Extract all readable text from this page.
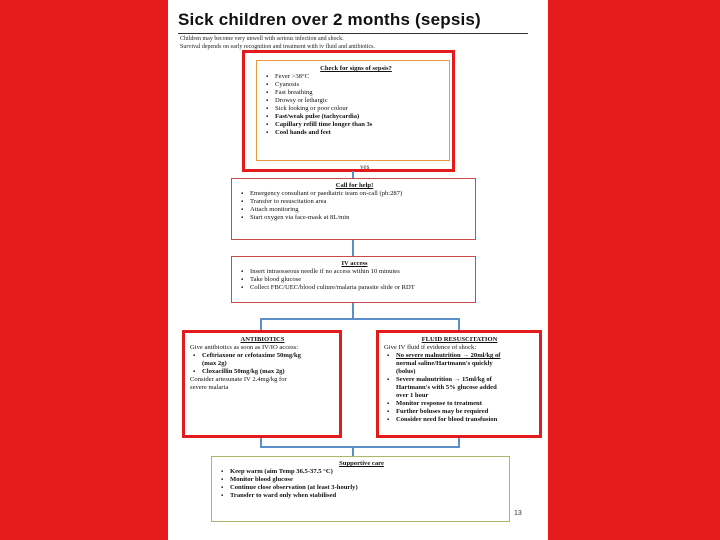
Sick children over 2 months (sepsis)
Children may become very unwell with serious infection and shock.
Survival depends on early recognition and treatment with iv fluid and antibiotics.
Check for signs of sepsis?
▪ Fever >38°C
▪ Cyanosis
▪ Fast breathing
▪ Drowsy or lethargic
▪ Sick looking or poor colour
▪ Fast/weak pulse (tachycardia)
▪ Capillary refill time longer than 3s
▪ Cool hands and feet
yes
Call for help!
▪ Emergency consultant or paediatric team on-call (ph:287)
▪ Transfer to resuscitation area
▪ Attach monitoring
▪ Start oxygen via face-mask at 8L/min
IV access
▪ Insert intraosseous needle if no access within 10 minutes
▪ Take blood glucose
▪ Collect FBC/UEC/blood culture/malaria parasite slide or RDT
ANTIBIOTICS
Give antibiotics as soon as IV/IO access:
▪ Ceftriaxone or cefotaxime 50mg/kg
(max 2g)
▪ Cloxacillin 50mg/kg (max 2g)
Consider artesunate IV 2.4mg/kg for
severe malaria
FLUID RESUSCITATION
Give IV fluid if evidence of shock:
▪ No severe malnutrition → 20ml/kg of
normal saline/Hartmann's quickly
(bolus)
▪ Severe malnutrition → 15ml/kg of
Hartmann's with 5% glucose added
over 1 hour
▪ Monitor response to treatment
▪ Further boluses may be required
▪ Consider need for blood transfusion
Supportive care
▪ Keep warm (aim Temp 36.5-37.5 °C)
▪ Monitor blood glucose
▪ Continue close observation (at least 3-hourly)
▪ Transfer to ward only when stabilised
13
